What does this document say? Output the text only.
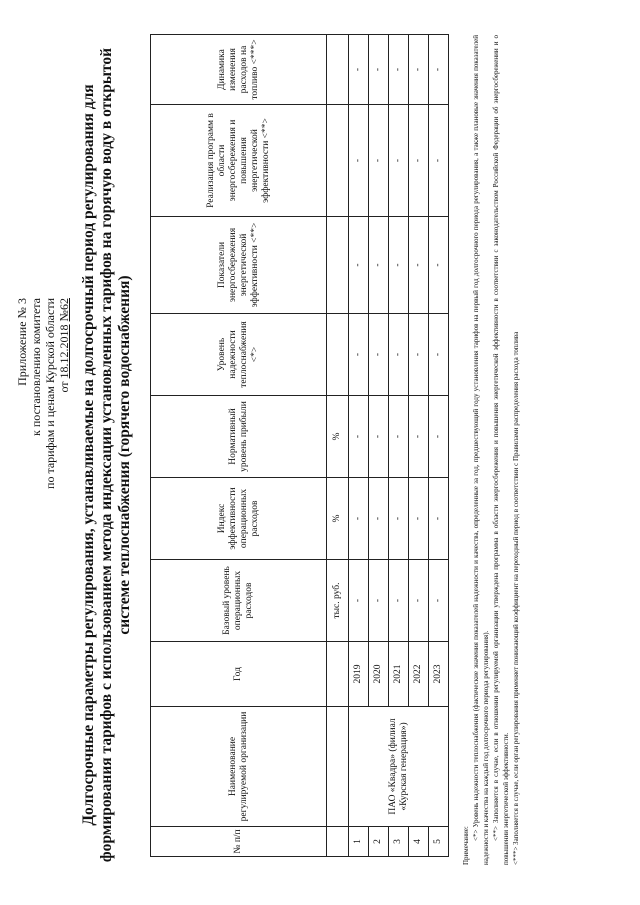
Приложение № 3 к постановлению комитета по тарифам и ценам Курской области от 18.12.2018 №62 Долгосрочные параметры регулирования, устанавливаемые на долгосрочный период регулирования для формирования тарифов с использованием метода индексации установленных тарифов на горячую воду в открытой системе теплоснабжения (горячего водоснабжения)
№ п/п	Наименование регулируемой организации	Год	Базовый уровень операционных расходов	Индекс эффективности операционных расходов	Нормативный уровень прибыли	Уровень надежности теплоснабжения <*>	Показатели энергосбережения энергетической эффективности <**>	Реализация программ в области энергосбережения и повышения энергетической эффективности <**>	Динамика изменения расходов на топливо <***>
			тыс. руб.	%	%				
1	ПАО «Квадра» (филиал «Курская генерация»)	2019	-	-	-	-	-	-	-
2		2020	-	-	-	-	-	-	-
3		2021	-	-	-	-	-	-	-
4		2022	-	-	-	-	-	-	-
5		2023	-	-	-	-	-	-	-
Примечание:
<*> Уровень надежности теплоснабжения (фактические значения показателей надежности и качества, определенные за год, предшествующий году установления тарифов на первый год долгосрочного периода регулирования, а также плановые значения показателей надежности и качества на каждый год долгосрочного периода регулирования). <**> Заполняется в случае, если в отношении регулируемой организации утверждена программа в области энергосбережения и повышения энергетической эффективности в соответствии с законодательством Российской Федерации об энергосбережении и о повышении энергетической эффективности. <***> Заполняется в случае, если орган регулирования применяет понижающий коэффициент на переходный период в соответствии с Правилами распределения расхода топлива
